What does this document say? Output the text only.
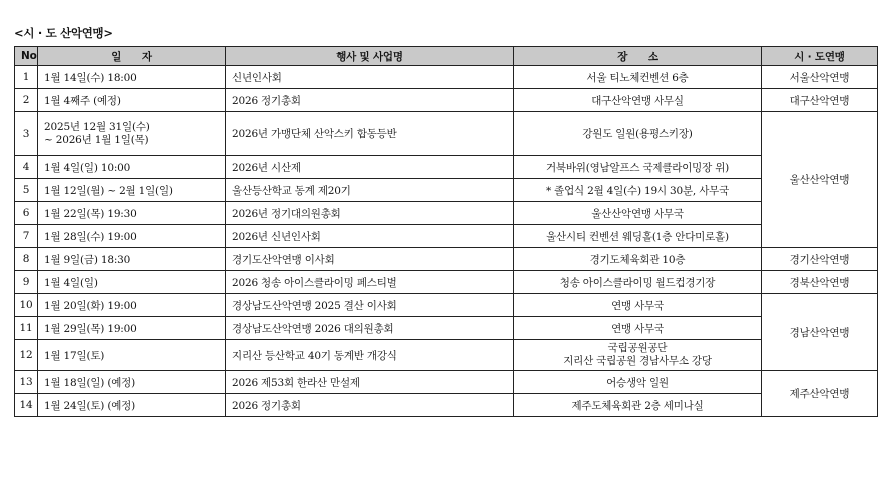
<시 · 도 산악연맹>
No	일      자	행사 및 사업명	장      소	시 · 도연맹
1	1월 14일(수) 18:00	신년인사회	서울 티노체컨벤션 6층	서울산악연맹
2	1월 4째주 (예정)	2026 정기총회	대구산악연맹 사무실	대구산악연맹
3	2025년 12월 31일(수)
~ 2026년 1월 1일(목)	2026년 가맹단체 산악스키 합동등반	강원도 일원(용평스키장)	울산산악연맹
4	1월 4일(일) 10:00	2026년 시산제	거북바위(영남알프스 국제클라이밍장 위)	
5	1월 12일(월) ~ 2월 1일(일)	울산등산학교 동계 제20기	* 졸업식 2월 4일(수) 19시 30분, 사무국	
6	1월 22일(목) 19:30	2026년 정기대의원총회	울산산악연맹 사무국	
7	1월 28일(수) 19:00	2026년 신년인사회	울산시티 컨벤션 웨딩홀(1층 안다미로홀)	
8	1월 9일(금) 18:30	경기도산악연맹 이사회	경기도체육회관 10층	경기산악연맹
9	1월 4일(일)	2026 청송 아이스클라이밍 페스티벌	청송 아이스클라이밍 월드컵경기장	경북산악연맹
10	1월 20일(화) 19:00	경상남도산악연맹 2025 결산 이사회	연맹 사무국	경남산악연맹
11	1월 29일(목) 19:00	경상남도산악연맹 2026 대의원총회	연맹 사무국	
12	1월 17일(토)	지리산 등산학교 40기 동계반 개강식	국립공원공단
지리산 국립공원 경남사무소 강당	

13	1월 18일(일) (예정)	2026 제53회 한라산 만설제	어승생악 일원	제주산악연맹
14	1월 24일(토) (예정)	2026 정기총회	제주도체육회관 2층 세미나실	
